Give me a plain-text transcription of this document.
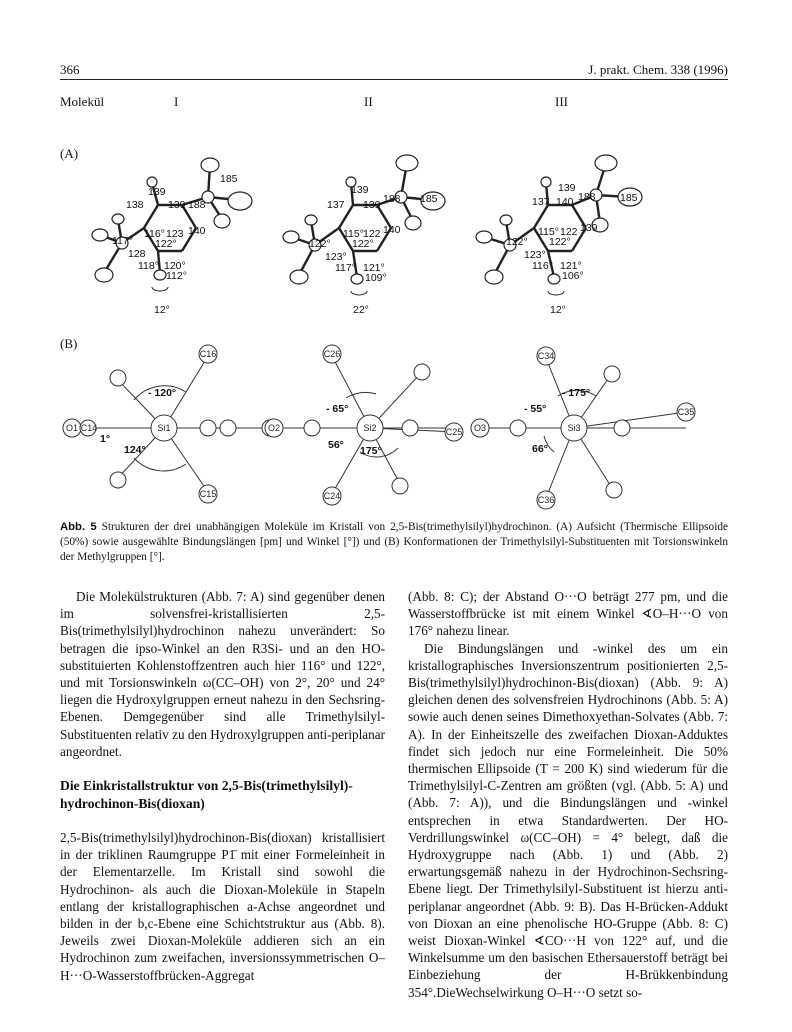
366	J. prakt. Chem. 338 (1996)
Molekül	I	II	III
(A)
(B)
139
138 139 188
185
116° 123 140
122°
117°
128
118° 120°
112°
12°
139
137 139 188 185
115° 122 140
122°
122°
123°
117° 121°
109°
22°
139
137 140 188 185
115° 122 139
122°
122°
123°
116° 121°
106°
12°
C16
Si1
C15
O1 C14
- 120°
124°
1°
C26
Si2
C24
C25
O2
- 65°
56° 175°
C34
Si3
C36
C35
O3
- 175°
- 55°
66°
Abb. 5 Strukturen der drei unabhängigen Moleküle im Kristall von 2,5-Bis(trimethylsilyl)hydrochinon. (A) Aufsicht (Thermische Ellipsoide (50%) sowie ausgewählte Bindungslängen [pm] und Winkel [°]) und (B) Konformationen der Trimethylsilyl-Substituenten mit Torsionswinkeln der Methylgruppen [°].

Die Molekülstrukturen (Abb. 7: A) sind gegenüber denen im solvensfrei-kristallisierten 2,5-Bis(trimethylsilyl)hydrochinon nahezu unverändert: So betragen die ipso-Winkel an den R3Si- und an den HO-substituierten Kohlenstoffzentren auch hier 116° und 122°, und mit Torsionswinkeln ω(CC–OH) von 2°, 20° und 24° liegen die Hydroxylgruppen erneut nahezu in den Sechsring-Ebenen. Demgegenüber sind alle Trimethylsilyl-Substituenten relativ zu den Hydroxylgruppen anti-periplanar angeordnet.

Die Einkristallstruktur von 2,5-Bis(trimethylsilyl)-hydrochinon-Bis(dioxan)

2,5-Bis(trimethylsilyl)hydrochinon-Bis(dioxan) kristallisiert in der triklinen Raumgruppe P1̄ mit einer Formeleinheit in der Elementarzelle. Im Kristall sind sowohl die Hydrochinon- als auch die Dioxan-Moleküle in Stapeln entlang der kristallographischen a-Achse angeordnet und bilden in der b,c-Ebene eine Schichtstruktur aus (Abb. 8). Jeweils zwei Dioxan-Moleküle addieren sich an ein Hydrochinon zum zweifachen, inversionssymmetrischen O–H···O-Wasserstoffbrücken-Aggregat

(Abb. 8: C); der Abstand O···O beträgt 277 pm, und die Wasserstoffbrücke ist mit einem Winkel ∢O–H···O von 176° nahezu linear.

Die Bindungslängen und -winkel des um ein kristallographisches Inversionszentrum positionierten 2,5-Bis(trimethylsilyl)hydrochinon-Bis(dioxan) (Abb. 9: A) gleichen denen des solvensfreien Hydrochinons (Abb. 5: A) sowie auch denen seines Dimethoxyethan-Solvates (Abb. 7: A). In der Einheitszelle des zweifachen Dioxan-Adduktes findet sich jedoch nur eine Formeleinheit. Die 50% thermischen Ellipsoide (T = 200 K) sind wiederum für die Trimethylsilyl-C-Zentren am größten (vgl. (Abb. 5: A) und (Abb. 7: A)), und die Bindungslängen und -winkel entsprechen in etwa Standardwerten. Der HO-Verdrillungswinkel ω(CC–OH) = 4° belegt, daß die Hydroxygruppe nach (Abb. 1) und (Abb. 2) erwartungsgemäß nahezu in der Hydrochinon-Sechsring-Ebene liegt. Der Trimethylsilyl-Substituent ist hierzu anti-periplanar angeordnet (Abb. 9: B). Das H-Brücken-Addukt von Dioxan an eine phenolische HO-Gruppe (Abb. 8: C) weist Dioxan-Winkel ∢CO···H von 122° auf, und die Winkelsumme um den basischen Ethersauerstoff beträgt bei Einbeziehung der H-Brükkenbindung 354°.DieWechselwirkung O–H···O setzt so-
